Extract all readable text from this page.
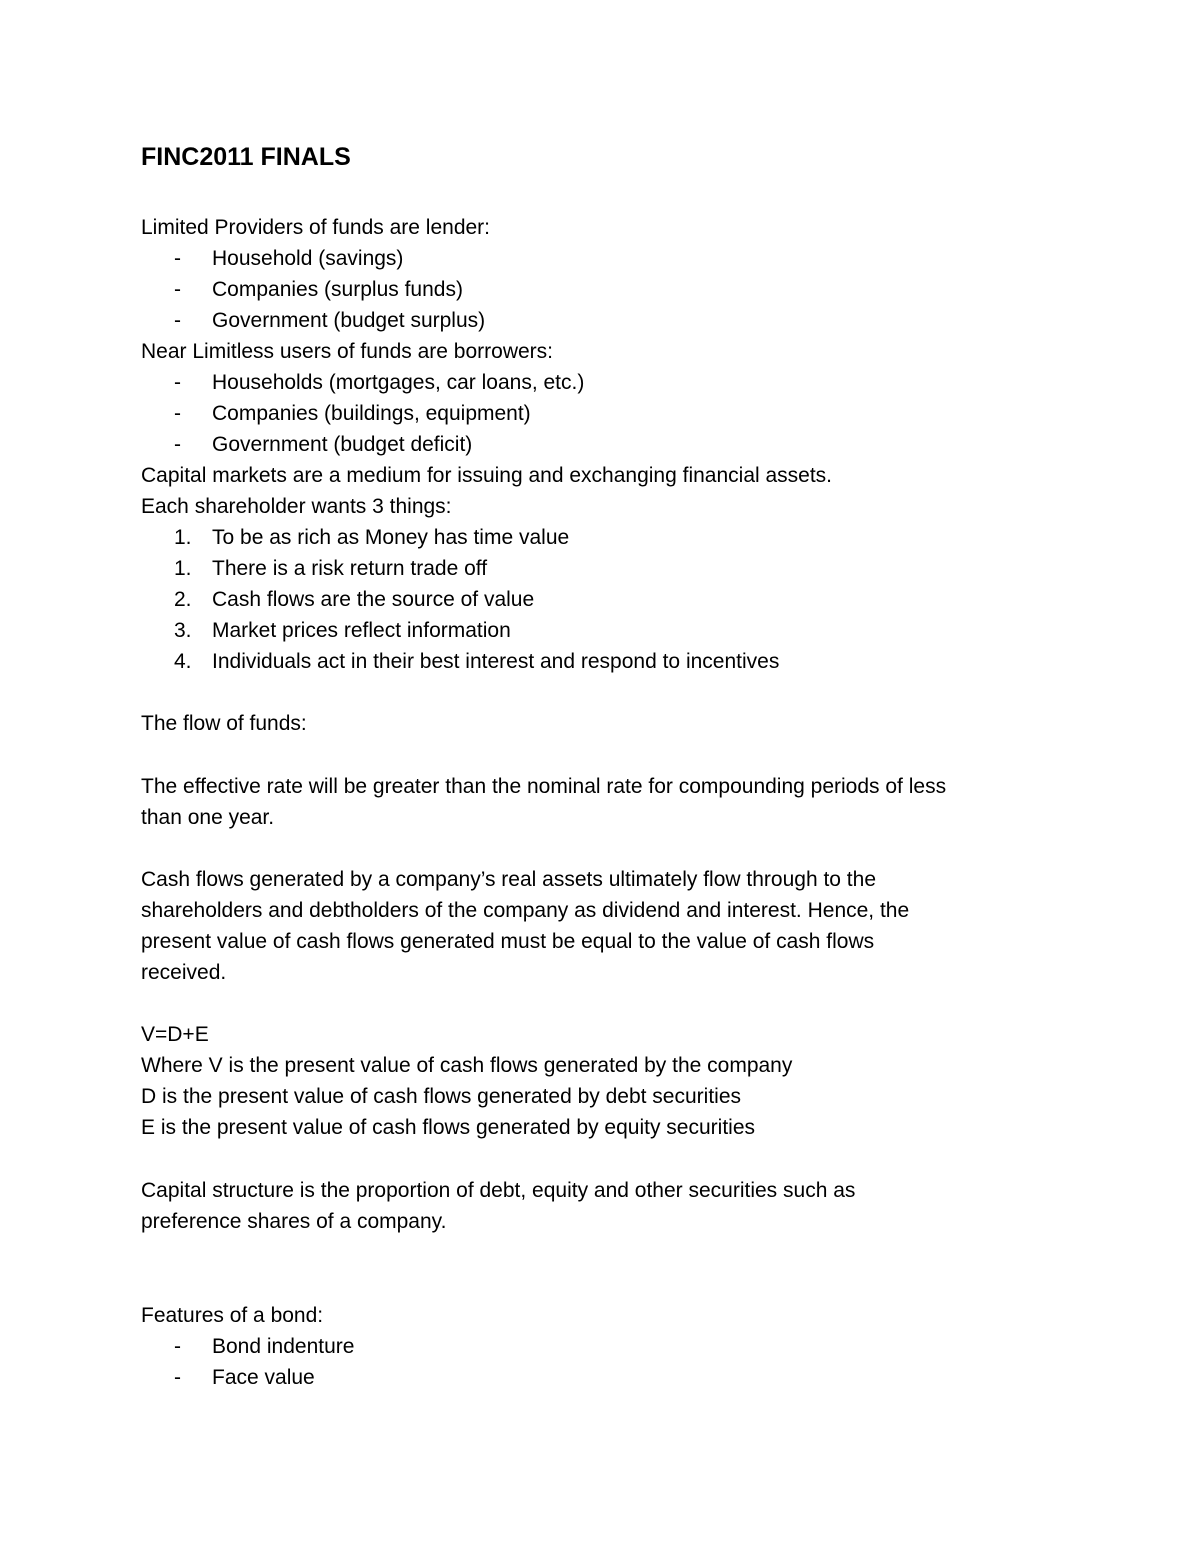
FINC2011 FINALS
Limited Providers of funds are lender:
-	Household (savings)
-	Companies (surplus funds)
-	Government (budget surplus)
Near Limitless users of funds are borrowers:
-	Households (mortgages, car loans, etc.)
-	Companies (buildings, equipment)
-	Government (budget deficit)
Capital markets are a medium for issuing and exchanging financial assets.
Each shareholder wants 3 things:
1. To be as rich as Money has time value
1. There is a risk return trade off
2. Cash flows are the source of value
3. Market prices reflect information
4. Individuals act in their best interest and respond to incentives
The flow of funds:
The effective rate will be greater than the nominal rate for compounding periods of less
than one year.
Cash flows generated by a company’s real assets ultimately flow through to the
shareholders and debtholders of the company as dividend and interest. Hence, the
present value of cash flows generated must be equal to the value of cash flows
received.
V=D+E
Where V is the present value of cash flows generated by the company
D is the present value of cash flows generated by debt securities
E is the present value of cash flows generated by equity securities
Capital structure is the proportion of debt, equity and other securities such as
preference shares of a company.
Features of a bond:
-	Bond indenture
-	Face value
